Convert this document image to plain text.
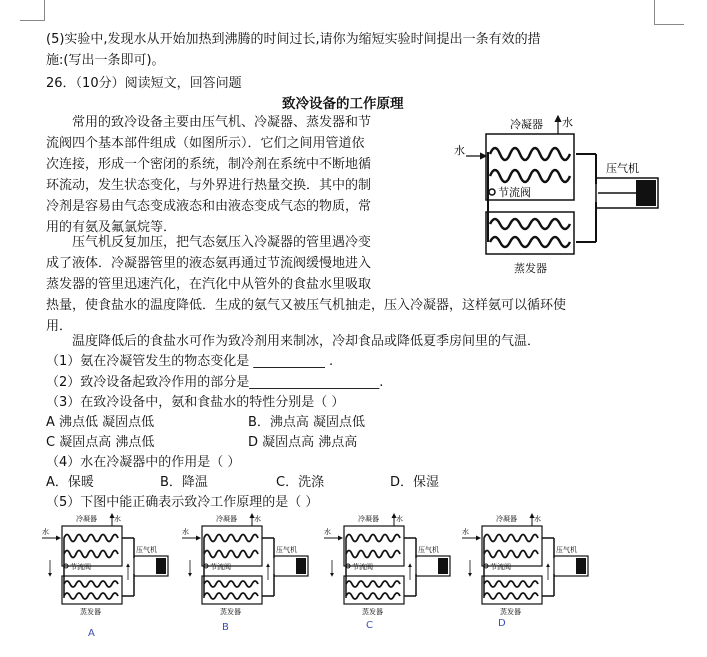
(5)实验中,发现水从开始加热到沸腾的时间过长,请你为缩短实验时间提出一条有效的措
施:(写出一条即可)。
26．（10分）阅读短文，回答问题
致冷设备的工作原理
常用的致冷设备主要由压气机、冷凝器、蒸发器和节
流阀四个基本部件组成（如图所示）．它们之间用管道依
次连接，形成一个密闭的系统，制冷剂在系统中不断地循
环流动，发生状态变化，与外界进行热量交换．其中的制
冷剂是容易由气态变成液态和由液态变成气态的物质，常
用的有氨及氟氯烷等．
压气机反复加压，把气态氨压入冷凝器的管里遇冷变
成了液体．冷凝器管里的液态氨再通过节流阀缓慢地进入
蒸发器的管里迅速汽化，在汽化中从管外的食盐水里吸取
热量，使食盐水的温度降低．生成的氨气又被压气机抽走，压入冷凝器，这样氨可以循环使
用．
温度降低后的食盐水可作为致冷剂用来制冰，冷却食品或降低夏季房间里的气温．
（1）氨在冷凝管发生的物态变化是 ___________ .
（2）致冷设备起致冷作用的部分是____________________.
（3）在致冷设备中，氨和食盐水的特性分别是（ ）
A 沸点低 凝固点低	B．沸点高 凝固点低
C 凝固点高 沸点低	D 凝固点高 沸点高
（4）水在冷凝器中的作用是（ ）
A．保暖	B．降温	C．洗涤	D．保湿
（5）下图中能正确表示致冷工作原理的是（ ）
冷凝器 水
水
节流阀
压气机
蒸发器
冷凝器 水
水
节流阀
压气机
蒸发器
A
冷凝器 水
水
节流阀
压气机
蒸发器
B
冷凝器 水
水
节流阀
压气机
蒸发器
C
冷凝器 水
水
节流阀
压气机
蒸发器
D
